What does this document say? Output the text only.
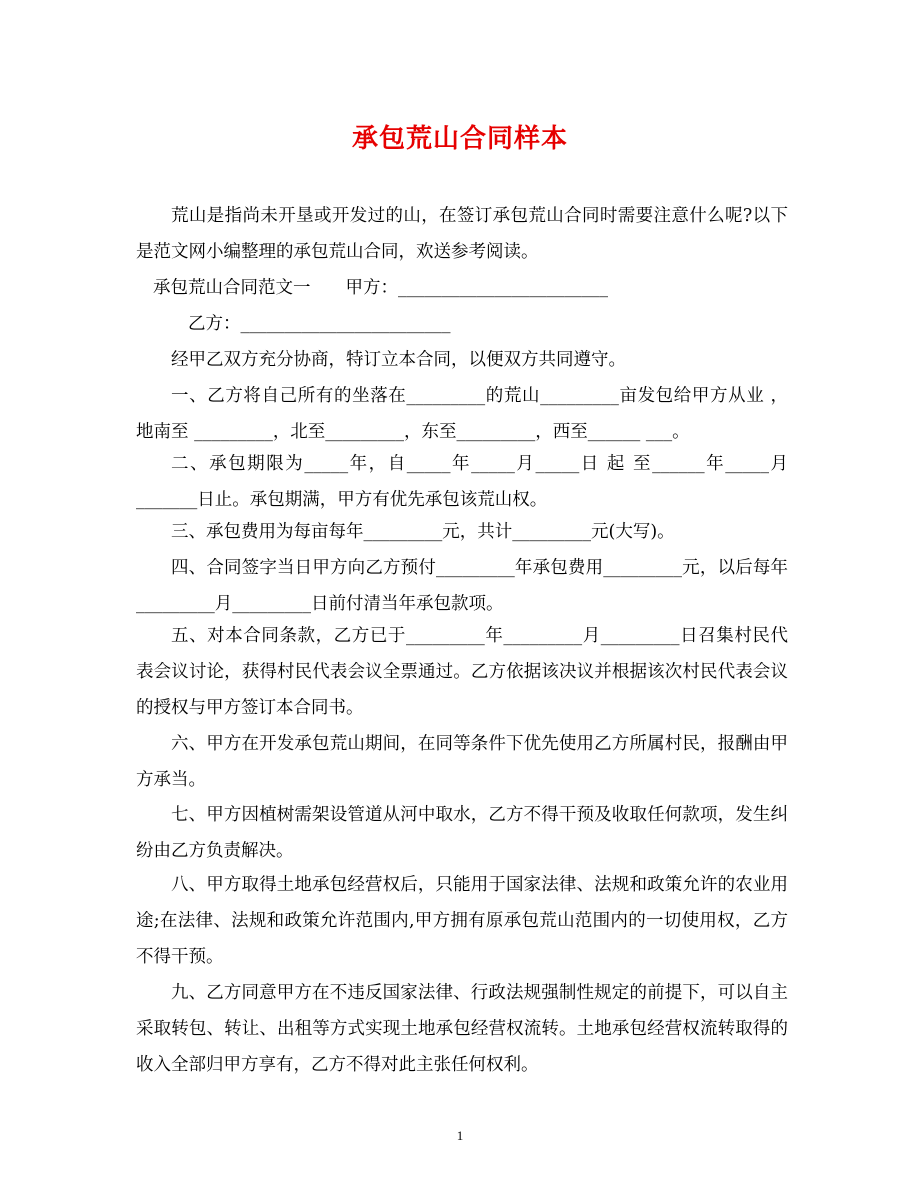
承包荒山合同样本
荒山是指尚未开垦或开发过的山，在签订承包荒山合同时需要注意什么呢?以下是范文网小编整理的承包荒山合同，欢送参考阅读。
承包荒山合同范文一　　甲方：________________________
乙方：________________________
经甲乙双方充分协商，特订立本合同，以便双方共同遵守。
一、乙方将自己所有的坐落在_________的荒山_________亩发包给甲方从业 ，地南至 _________，北至_________，东至_________，西至______ ___。
二、承包期限为_____年，自_____年_____月_____日 起 至______年_____月_______日止。承包期满，甲方有优先承包该荒山权。
三、承包费用为每亩每年_________元，共计_________元(大写)。
四、合同签字当日甲方向乙方预付_________年承包费用_________元，以后每年_________月_________日前付清当年承包款项。
五、对本合同条款，乙方已于_________年_________月_________日召集村民代表会议讨论，获得村民代表会议全票通过。乙方依据该决议并根据该次村民代表会议的授权与甲方签订本合同书。
六、甲方在开发承包荒山期间，在同等条件下优先使用乙方所属村民，报酬由甲方承当。
七、甲方因植树需架设管道从河中取水，乙方不得干预及收取任何款项，发生纠纷由乙方负责解决。
八、甲方取得土地承包经营权后，只能用于国家法律、法规和政策允许的农业用途;在法律、法规和政策允许范围内,甲方拥有原承包荒山范围内的一切使用权，乙方不得干预。
九、乙方同意甲方在不违反国家法律、行政法规强制性规定的前提下，可以自主采取转包、转让、出租等方式实现土地承包经营权流转。土地承包经营权流转取得的收入全部归甲方享有，乙方不得对此主张任何权利。
1
